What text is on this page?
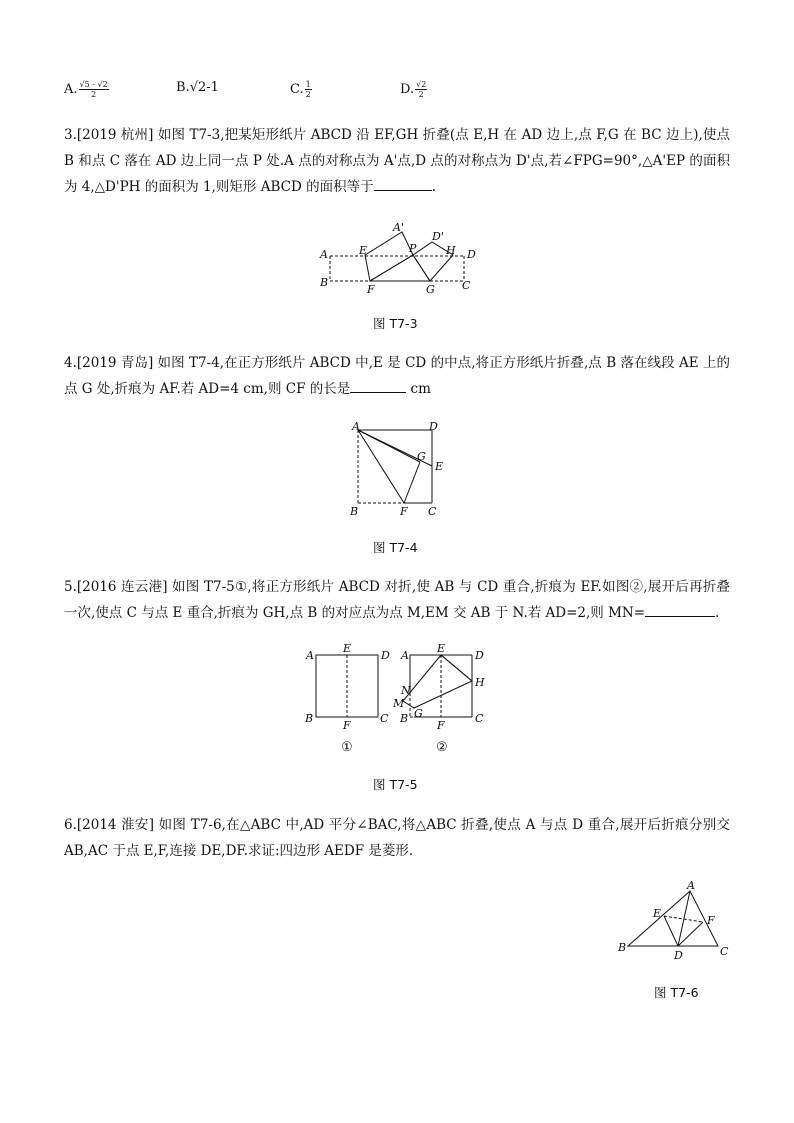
A. $\frac{√5 - √2}{2}$	B. √2-1	C. $\frac{1}{2}$	D. $\frac{√2}{2}$

3.[2019 杭州] 如图 T7-3,把某矩形纸片 ABCD 沿 EF,GH 折叠(点 E,H 在 AD 边上,点 F,G 在 BC 边上),使点 B 和点 C 落在 AD 边上同一点 P 处.A 点的对称点为 A'点,D 点的对称点为 D'点,若∠FPG=90°,△A'EP 的面积为 4,△D'PH 的面积为 1,则矩形 ABCD 的面积等于	.

A
A'
E	P
D'
H D
B
F	G C
图 T7-3

4.[2019 青岛] 如图 T7-4,在正方形纸片 ABCD 中,E 是 CD 的中点,将正方形纸片折叠,点 B 落在线段 AE 上的点 G 处,折痕为 AF.若 AD=4 cm,则 CF 的长是	cm

A	D
G
E
B	F C
图 T7-4

5.[2016 连云港] 如图 T7-5①,将正方形纸片 ABCD 对折,使 AB 与 CD 重合,折痕为 EF.如图②,展开后再折叠一次,使点 C 与点 E 重合,折痕为 GH,点 B 的对应点为点 M,EM 交 AB 于 N.若 AD=2,则 MN=	.

A
E
D
B
F
C
A
E
D
H
N
M
B G
F
C
①	②
图 T7-5

6.[2014 淮安] 如图 T7-6,在△ABC 中,AD 平分∠BAC,将△ABC 折叠,使点 A 与点 D 重合,展开后折痕分别交 AB,AC 于点 E,F,连接 DE,DF.求证:四边形 AEDF 是菱形.

A
E
F
B
D	C
图 T7-6
